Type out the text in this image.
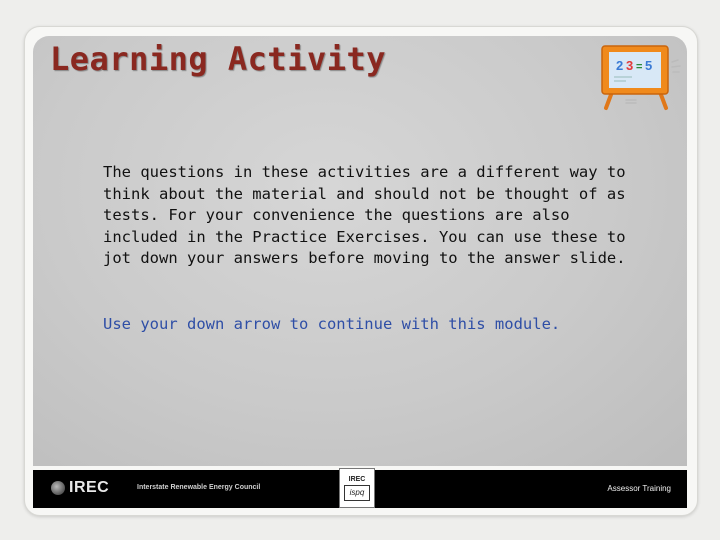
Learning Activity	2 3 = 5

The questions in these activities are a different way to think about the material and should not be thought of as tests. For your convenience the questions are also included in the Practice Exercises. You can use these to jot down your answers before moving to the answer slide.

Use your down arrow to continue with this module.

IREC	Interstate Renewable Energy Council
IREC
ispq	Assessor Training
